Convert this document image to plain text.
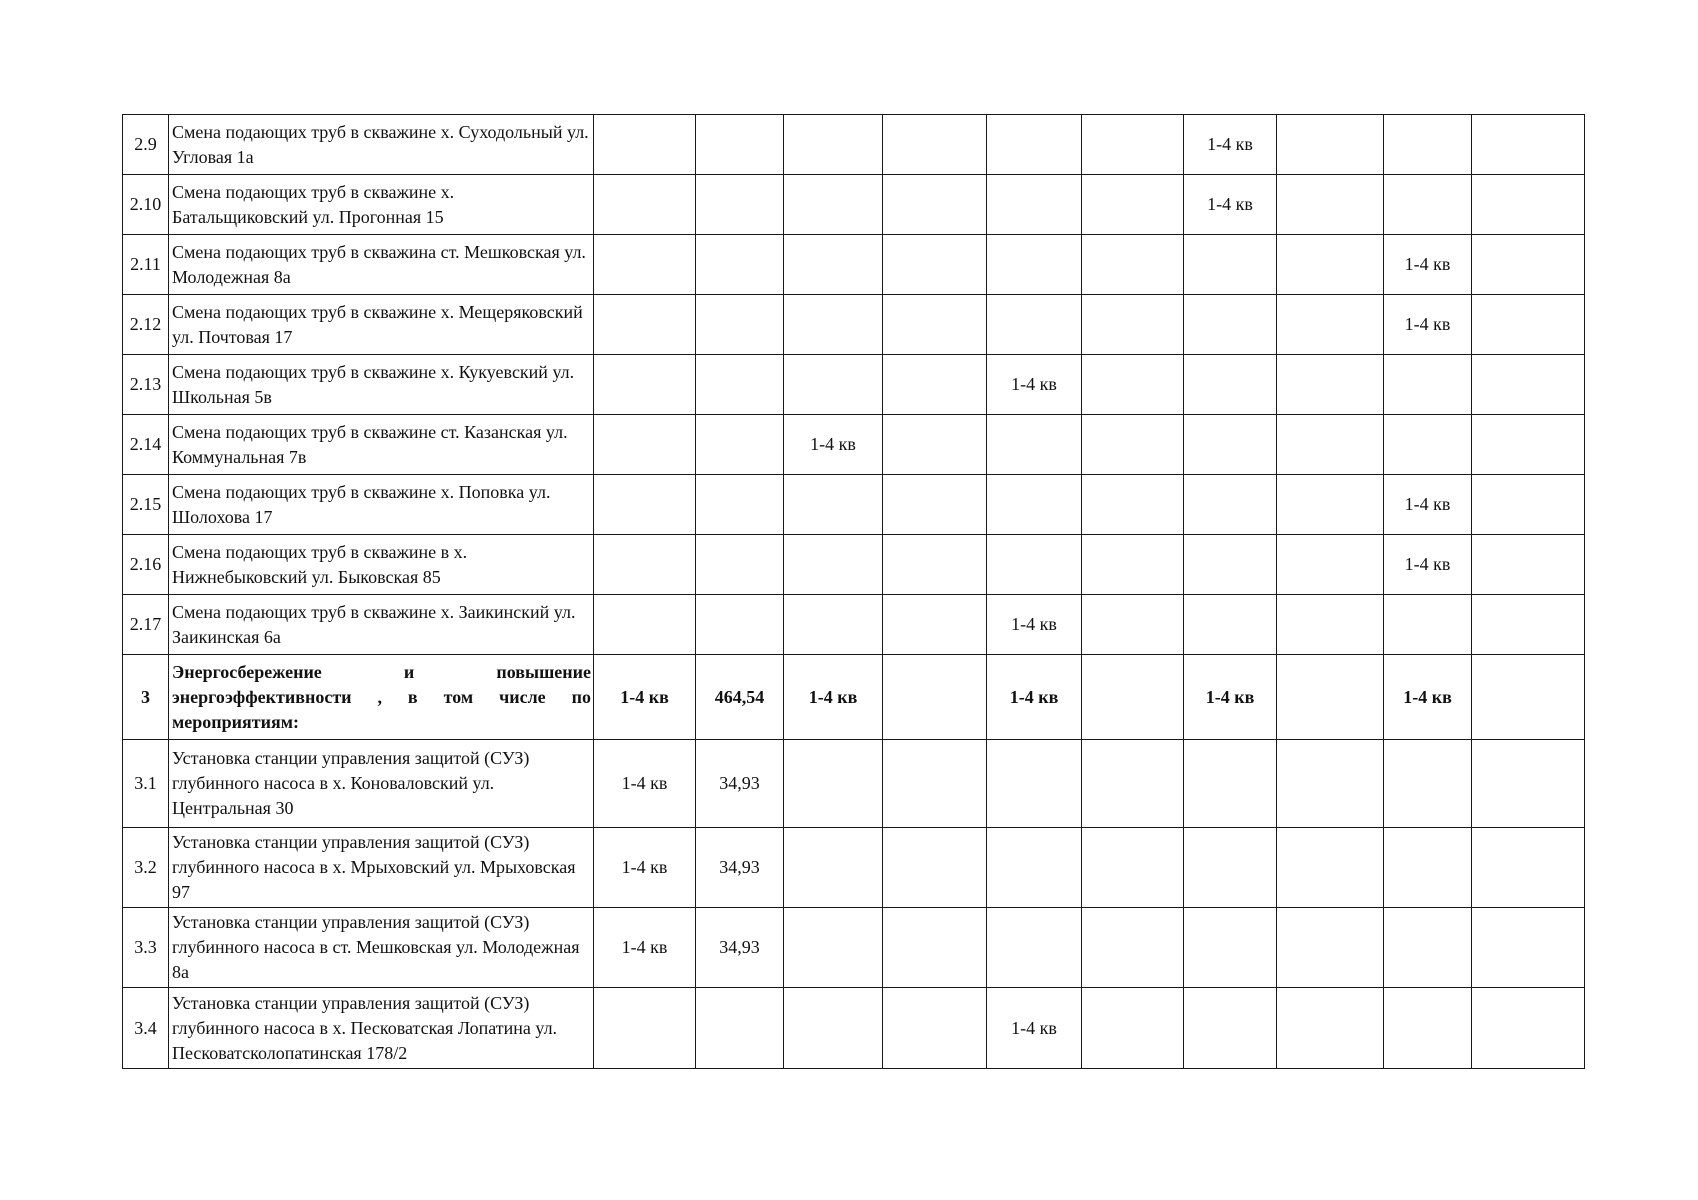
2.9	Смена подающих труб в скважине х. Суходольный ул. Угловая 1а							1-4 кв			
2.10	Смена подающих труб в скважине х. Батальщиковский ул. Прогонная 15							1-4 кв			
2.11	Смена подающих труб в скважина ст. Мешковская ул. Молодежная 8а									1-4 кв	
2.12	Смена подающих труб в скважине х. Мещеряковский ул. Почтовая 17									1-4 кв	
2.13	Смена подающих труб в скважине х. Кукуевский ул. Школьная 5в					1-4 кв					
2.14	Смена подающих труб в скважине ст. Казанская ул. Коммунальная 7в			1-4 кв							
2.15	Смена подающих труб в скважине х. Поповка ул. Шолохова 17									1-4 кв	
2.16	Смена подающих труб в скважине в х. Нижнебыковский ул. Быковская 85									1-4 кв	
2.17	Смена подающих труб в скважине х. Заикинский ул. Заикинская 6а					1-4 кв					
3	Энергосбережение и повышение энергоэффективности , в том числе по мероприятиям:	1-4 кв	464,54	1-4 кв		1-4 кв		1-4 кв		1-4 кв	
3.1	Установка станции управления защитой (СУЗ) глубинного насоса в х. Коноваловский ул. Центральная 30	1-4 кв	34,93								
3.2	Установка станции управления защитой (СУЗ) глубинного насоса в х. Мрыховский ул. Мрыховская 97	1-4 кв	34,93								
3.3	Установка станции управления защитой (СУЗ) глубинного насоса в ст. Мешковская ул. Молодежная 8а	1-4 кв	34,93								
3.4	Установка станции управления защитой (СУЗ) глубинного насоса в х. Песковатская Лопатина ул. Песковатсколопатинская 178/2					1-4 кв					
